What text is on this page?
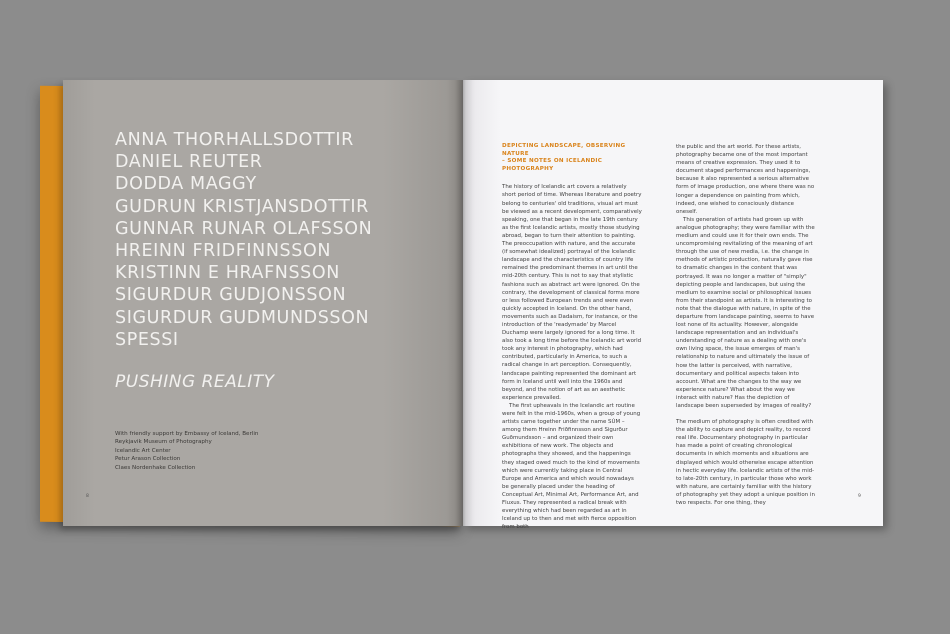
ANNA THORHALLSDOTTIR
DANIEL REUTER
DODDA MAGGY
GUDRUN KRISTJANSDOTTIR
GUNNAR RUNAR OLAFSSON
HREINN FRIDFINNSSON
KRISTINN E HRAFNSSON
SIGURDUR GUDJONSSON
SIGURDUR GUDMUNDSSON
SPESSI
PUSHING REALITY
With friendly support by Embassy of Iceland, Berlin
Reykjavik Museum of Photography
Icelandic Art Center
Petur Arason Collection
Claes Nordenhake Collection
8	9
DEPICTING LANDSCAPE, OBSERVING NATURE
– SOME NOTES ON ICELANDIC PHOTOGRAPHY

The history of Icelandic art covers a relatively short period of time. Whereas literature and poetry belong to centuries' old traditions, visual art must be viewed as a recent development, comparatively speaking, one that began in the late 19th century as the first Icelandic artists, mostly those studying abroad, began to turn their attention to painting. The preoccupation with nature, and the accurate (if somewhat idealized) portrayal of the Icelandic landscape and the characteristics of country life remained the predominant themes in art until the mid-20th century. This is not to say that stylistic fashions such as abstract art were ignored. On the contrary, the development of classical forms more or less followed European trends and were even quickly accepted in Iceland. On the other hand, movements such as Dadaism, for instance, or the introduction of the 'readymade' by Marcel Duchamp were largely ignored for a long time. It also took a long time before the Icelandic art world took any interest in photography, which had contributed, particularly in America, to such a radical change in art perception. Consequently, landscape painting represented the dominant art form in Iceland until well into the 1960s and beyond, and the notion of art as an aesthetic experience prevailed.

The first upheavals in the Icelandic art routine were felt in the mid-1960s, when a group of young artists came together under the name SÚM – among them Hreinn Friðfinnsson and Sigurður Guðmundsson – and organized their own exhibitions of new work. The objects and photographs they showed, and the happenings they staged owed much to the kind of movements which were currently taking place in Central Europe and America and which would nowadays be generally placed under the heading of Conceptual Art, Minimal Art, Performance Art, and Fluxus. They represented a radical break with everything which had been regarded as art in Iceland up to then and met with fierce opposition from both

the public and the art world. For these artists, photography became one of the most important means of creative expression. They used it to document staged performances and happenings, because it also represented a serious alternative form of image production, one where there was no longer a dependence on painting from which, indeed, one wished to consciously distance oneself.

This generation of artists had grown up with analogue photography; they were familiar with the medium and could use it for their own ends. The uncompromising revitalizing of the meaning of art through the use of new media, i.e. the change in methods of artistic production, naturally gave rise to dramatic changes in the content that was portrayed. It was no longer a matter of "simply" depicting people and landscapes, but using the medium to examine social or philosophical issues from their standpoint as artists. It is interesting to note that the dialogue with nature, in spite of the departure from landscape painting, seems to have lost none of its actuality. However, alongside landscape representation and an individual's understanding of nature as a dealing with one's own living space, the issue emerges of man's relationship to nature and ultimately the issue of how the latter is perceived, with narrative, documentary and political aspects taken into account. What are the changes to the way we experience nature? What about the way we interact with nature? Has the depiction of landscape been superseded by images of reality?

The medium of photography is often credited with the ability to capture and depict reality, to record real life. Documentary photography in particular has made a point of creating chronological documents in which moments and situations are displayed which would otherwise escape attention in hectic everyday life. Icelandic artists of the mid- to late-20th century, in particular those who work with nature, are certainly familiar with the history of photography yet they adopt a unique position in two respects. For one thing, they
